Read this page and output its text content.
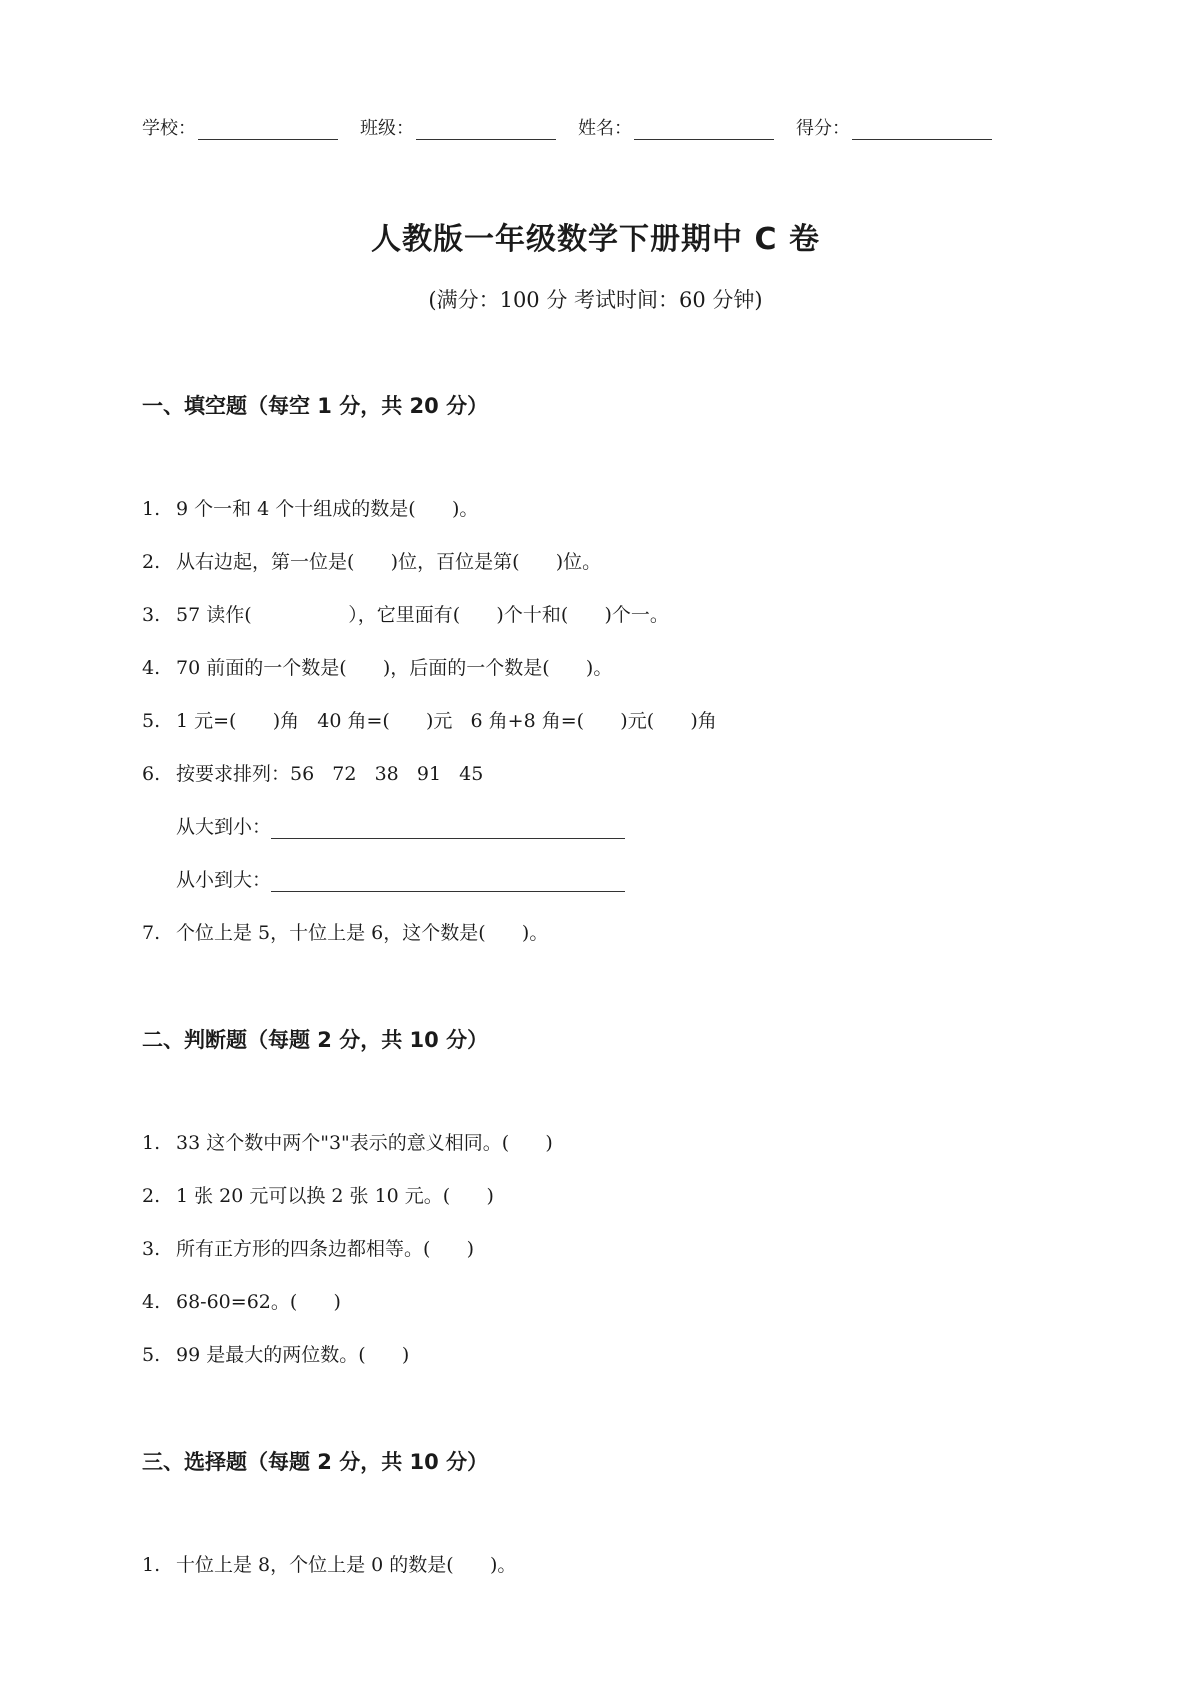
学校：	班级：	姓名：	得分：
人教版一年级数学下册期中 C 卷
(满分：100 分 考试时间：60 分钟)
一、填空题（每空 1 分，共 20 分）
1. 9 个一和 4 个十组成的数是(      )。
2. 从右边起，第一位是(      )位，百位是第(      )位。
3. 57 读作(                ），它里面有(      )个十和(      )个一。
4. 70 前面的一个数是(      )，后面的一个数是(      )。
5. 1 元=(      )角   40 角=(      )元   6 角+8 角=(      )元(      )角
6. 按要求排列：56   72   38   91   45
从大到小：
从小到大：
7. 个位上是 5，十位上是 6，这个数是(      )。
二、判断题（每题 2 分，共 10 分）
1. 33 这个数中两个"3"表示的意义相同。(      )
2. 1 张 20 元可以换 2 张 10 元。(      )
3. 所有正方形的四条边都相等。(      )
4. 68-60=62。(      )
5. 99 是最大的两位数。(      )
三、选择题（每题 2 分，共 10 分）
1. 十位上是 8，个位上是 0 的数是(      )。
